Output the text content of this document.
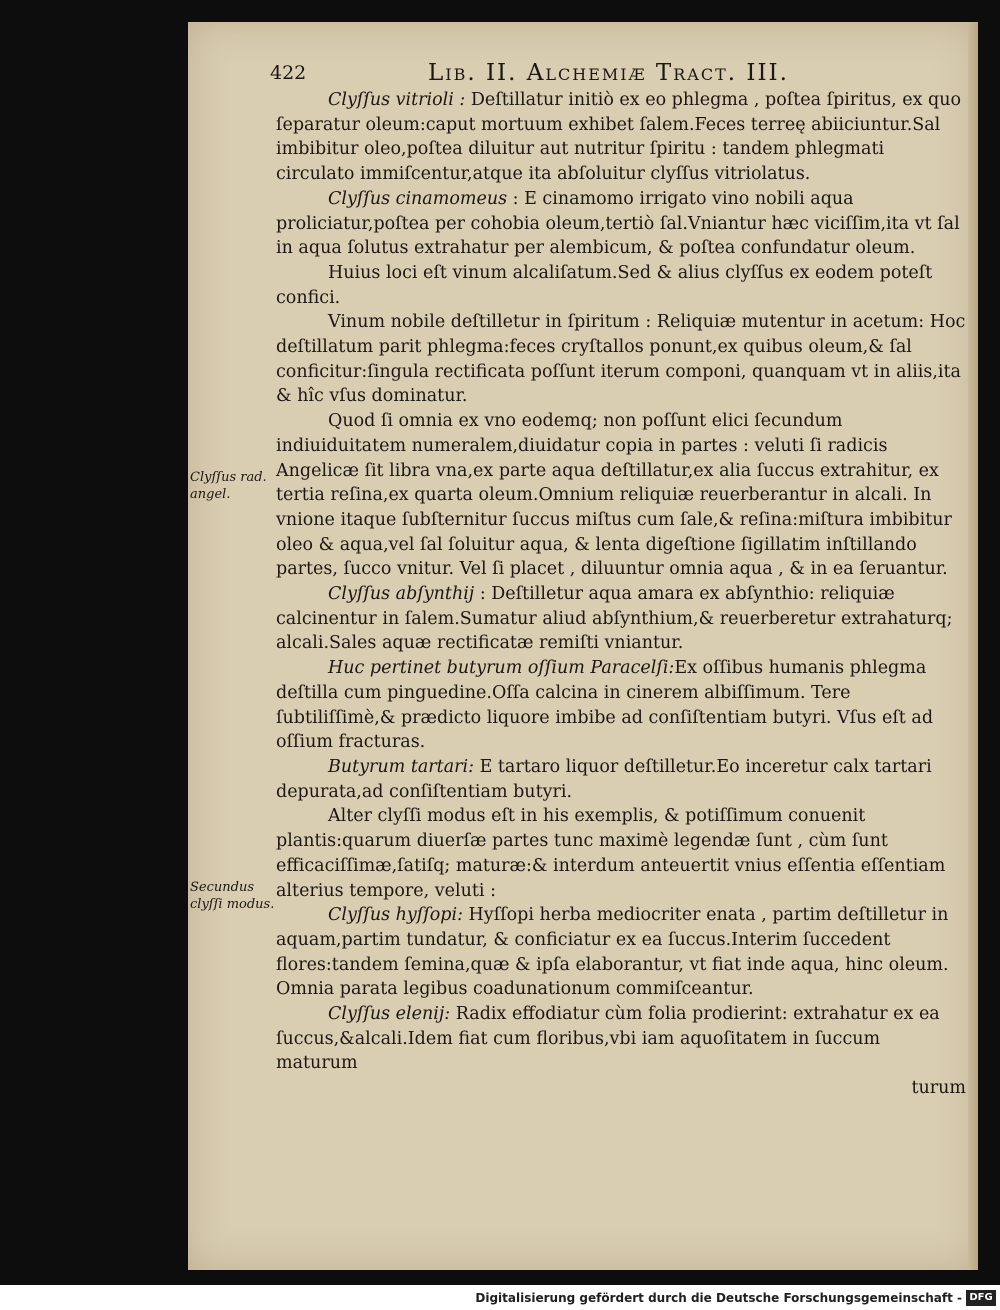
422	Lib. II. Alchemiæ Tract. III.
Clyſſus rad. angel.
Secundus clyſſi modus.

Clyſſus vitrioli : Deſtillatur initiò ex eo phlegma , poſtea ſpiritus, ex quo ſeparatur oleum:caput mortuum exhibet ſalem.Feces terreę abiiciuntur.Sal imbibitur oleo,poſtea diluitur aut nutritur ſpiritu : tandem phlegmati circulato immiſcentur,atque ita abſoluitur clyſſus vitriolatus.

Clyſſus cinamomeus : E cinamomo irrigato vino nobili aqua proliciatur,poſtea per cohobia oleum,tertiò ſal.Vniantur hæc viciſſim,ita vt ſal in aqua ſolutus extrahatur per alembicum, & poſtea confundatur oleum.

Huius loci eſt vinum alcaliſatum.Sed & alius clyſſus ex eodem poteſt confici.

Vinum nobile deſtilletur in ſpiritum : Reliquiæ mutentur in acetum: Hoc deſtillatum parit phlegma:feces cryſtallos ponunt,ex quibus oleum,& ſal conficitur:ſingula rectificata poſſunt iterum componi, quanquam vt in aliis,ita & hîc vſus dominatur.

Quod ſi omnia ex vno eodemq; non poſſunt elici ſecundum indiuiduitatem numeralem,diuidatur copia in partes : veluti ſi radicis Angelicæ ſit libra vna,ex parte aqua deſtillatur,ex alia ſuccus extrahitur, ex tertia reſina,ex quarta oleum.Omnium reliquiæ reuerberantur in alcali. In vnione itaque ſubſternitur ſuccus miſtus cum ſale,& reſina:miſtura imbibitur oleo & aqua,vel ſal ſoluitur aqua, & lenta digeſtione ſigillatim inſtillando partes, ſucco vnitur. Vel ſi placet , diluuntur omnia aqua , & in ea ſeruantur.

Clyſſus abſynthij : Deſtilletur aqua amara ex abſynthio: reliquiæ calcinentur in ſalem.Sumatur aliud abſynthium,& reuerberetur extrahaturq; alcali.Sales aquæ rectificatæ remiſti vniantur.

Huc pertinet butyrum oſſium Paracelſi:Ex oſſibus humanis phlegma deſtilla cum pinguedine.Oſſa calcina in cinerem albiſſimum. Tere ſubtiliſſimè,& prædicto liquore imbibe ad conſiſtentiam butyri. Vſus eſt ad oſſium fracturas.

Butyrum tartari: E tartaro liquor deſtilletur.Eo inceretur calx tartari depurata,ad conſiſtentiam butyri.

Alter clyſſi modus eſt in his exemplis, & potiſſimum conuenit plantis:quarum diuerſæ partes tunc maximè legendæ ſunt , cùm ſunt efficaciſſimæ,ſatiſq; maturæ:& interdum anteuertit vnius eſſentia eſſentiam alterius tempore, veluti :

Clyſſus hyſſopi: Hyſſopi herba mediocriter enata , partim deſtilletur in aquam,partim tundatur, & conficiatur ex ea ſuccus.Interim ſuccedent flores:tandem ſemina,quæ & ipſa elaborantur, vt fiat inde aqua, hinc oleum. Omnia parata legibus coadunationum commiſceantur.

Clyſſus elenij: Radix effodiatur cùm folia prodierint: extrahatur ex ea ſuccus,&alcali.Idem fiat cum floribus,vbi iam aquoſitatem in ſuccum maturum

turum

Digitalisierung gefördert durch die Deutsche Forschungsgemeinschaft - DFG
